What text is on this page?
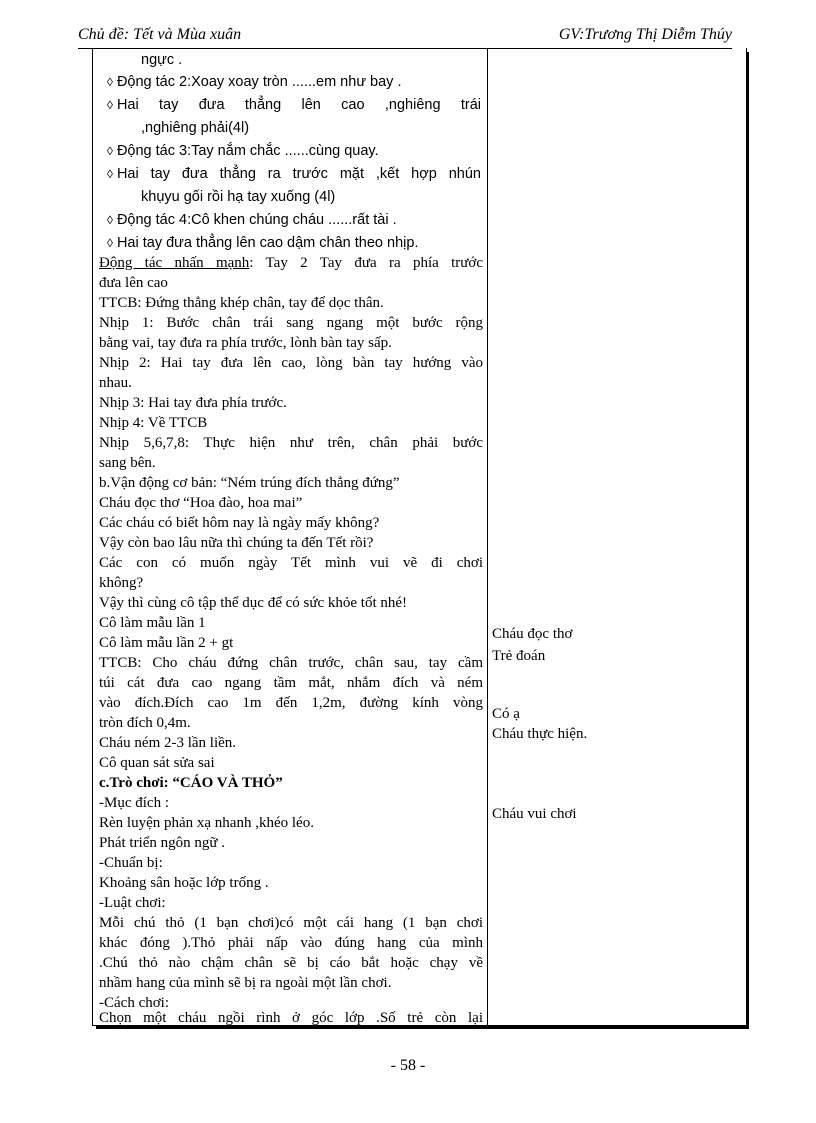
Chủ đề: Tết và Mùa xuân	GV:Trương Thị Diễm Thúy
ngực .
◊ Động tác 2:Xoay xoay tròn ......em như bay .
◊ Hai tay đưa thẳng lên cao ,nghiêng trái
,nghiêng phải(4l)
◊ Động tác 3:Tay nắm chắc ......cùng quay.
◊ Hai tay đưa thẳng ra trước mặt ,kết hợp nhún
khụyu gối rồi hạ tay xuống (4l)
◊ Động tác 4:Cô khen chúng cháu ......rất tài .
◊ Hai tay đưa thẳng lên cao dậm chân theo nhịp.
Động tác nhấn mạnh: Tay 2 Tay đưa ra phía trước
đưa lên cao
TTCB: Đứng thẳng khép chân, tay để dọc thân.
Nhịp 1: Bước chân trái sang ngang một bước rộng
bằng vai, tay đưa ra phía trước, lònh bàn tay sấp.
Nhịp 2: Hai tay đưa lên cao, lòng bàn tay hướng vào
nhau.
Nhịp 3: Hai tay đưa phía trước.
Nhịp 4: Về TTCB
Nhịp 5,6,7,8: Thực hiện như trên, chân phải bước
sang bên.
b.Vận động cơ bản: “Ném trúng đích thẳng đứng”
Cháu đọc thơ “Hoa đào, hoa mai”
Các cháu có biết hôm nay là ngày mấy không?
Vậy còn bao lâu nữa thì chúng ta đến Tết rồi?
Các con có muốn ngày Tết mình vui vẽ đi chơi
không?
Vậy thì cùng cô tập thể dục để có sức khỏe tốt nhé!
Cô làm mẫu lần 1
Cô làm mẫu lần 2 + gt
TTCB: Cho cháu đứng chân trước, chân sau, tay cầm
túi cát đưa cao ngang tầm mắt, nhắm đích và ném
vào đích.Đích cao 1m đến 1,2m, đường kính vòng
tròn đích 0,4m.
Cháu ném 2-3 lần liền.
Cô quan sát sửa sai
c.Trò chơi: “CÁO VÀ THỎ”
-Mục đích :
Rèn luyện phản xạ nhanh ,khéo léo.
Phát triển ngôn ngữ .
-Chuẩn bị:
Khoảng sân hoặc lớp trống .
-Luật chơi:
Mỗi chú thỏ (1 bạn chơi)có một cái hang (1 bạn chơi
khác đóng ).Thỏ phải nấp vào đúng hang của mình
.Chú thỏ nào chậm chân sẽ bị cáo bắt hoặc chạy về
nhầm hang của mình sẽ bị ra ngoài một lần chơi.
-Cách chơi:
Chọn một cháu ngồi rình ở góc lớp .Số trẻ còn lại
Cháu đọc thơ
Trẻ đoán
Có ạ
Cháu thực hiện.
Cháu vui chơi
- 58 -
